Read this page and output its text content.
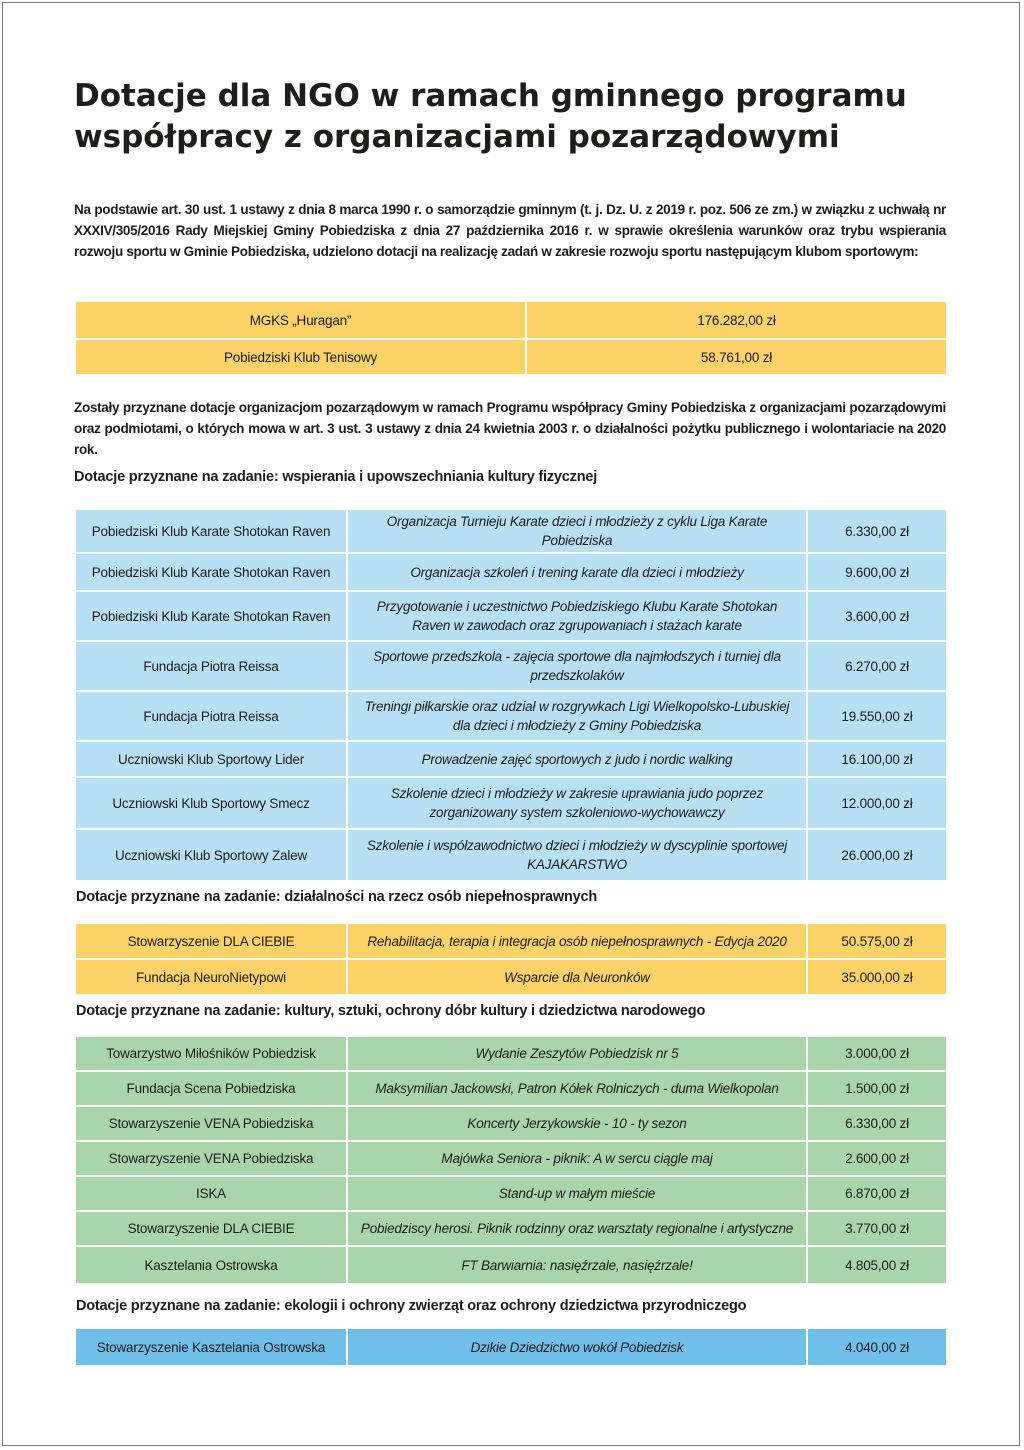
Dotacje dla NGO w ramach gminnego programu
współpracy z organizacjami pozarządowymi

Na podstawie art. 30 ust. 1 ustawy z dnia 8 marca 1990 r. o samorządzie gminnym (t. j. Dz. U. z 2019 r. poz. 506 ze zm.) w związku z uchwałą nr XXXIV/305/2016 Rady Miejskiej Gminy Pobiedziska z dnia 27 października 2016 r. w sprawie określenia warunków oraz trybu wspierania rozwoju sportu w Gminie Pobiedziska, udzielono dotacji na realizację zadań w zakresie rozwoju sportu następującym klubom sportowym:

MGKS „Huragan”	176.282,00 zł
Pobiedziski Klub Tenisowy	58.761,00 zł

Zostały przyznane dotacje organizacjom pozarządowym w ramach Programu współpracy Gminy Pobiedziska z organizacjami pozarządowymi oraz podmiotami, o których mowa w art. 3 ust. 3 ustawy z dnia 24 kwietnia 2003 r. o działalności pożytku publicznego i wolontariacie na 2020 rok.

Dotacje przyznane na zadanie: wspierania i upowszechniania kultury fizycznej
Pobiedziski Klub Karate Shotokan Raven	Organizacja Turnieju Karate dzieci i młodzieży z cyklu Liga Karate Pobiedziska	6.330,00 zł
Pobiedziski Klub Karate Shotokan Raven	Organizacja szkoleń i trening karate dla dzieci i młodzieży	9.600,00 zł
Pobiedziski Klub Karate Shotokan Raven	Przygotowanie i uczestnictwo Pobiedziskiego Klubu Karate Shotokan Raven w zawodach oraz zgrupowaniach i stażach karate	3.600,00 zł
Fundacja Piotra Reissa	Sportowe przedszkola - zajęcia sportowe dla najmłodszych i turniej dla przedszkolaków	6.270,00 zł
Fundacja Piotra Reissa	Treningi piłkarskie oraz udział w rozgrywkach Ligi Wielkopolsko-Lubuskiej dla dzieci i młodzieży z Gminy Pobiedziska	19.550,00 zł
Uczniowski Klub Sportowy Lider	Prowadzenie zajęć sportowych z judo i nordic walking	16.100,00 zł
Uczniowski Klub Sportowy Smecz	Szkolenie dzieci i młodzieży w zakresie uprawiania judo poprzez zorganizowany system szkoleniowo-wychowawczy	12.000,00 zł
Uczniowski Klub Sportowy Zalew	Szkolenie i współzawodnictwo dzieci i młodzieży w dyscyplinie sportowej KAJAKARSTWO	26.000,00 zł
Dotacje przyznane na zadanie: działalności na rzecz osób niepełnosprawnych
Stowarzyszenie DLA CIEBIE	Rehabilitacja, terapia i integracja osób niepełnosprawnych - Edycja 2020	50.575,00 zł
Fundacja NeuroNietypowi	Wsparcie dla Neuronków	35.000,00 zł
Dotacje przyznane na zadanie: kultury, sztuki, ochrony dóbr kultury i dziedzictwa narodowego
Towarzystwo Miłośników Pobiedzisk	Wydanie Zeszytów Pobiedzisk nr 5	3.000,00 zł
Fundacja Scena Pobiedziska	Maksymilian Jackowski, Patron Kółek Rolniczych - duma Wielkopolan	1.500,00 zł
Stowarzyszenie VENA Pobiedziska	Koncerty Jerzykowskie - 10 - ty sezon	6.330,00 zł
Stowarzyszenie VENA Pobiedziska	Majówka Seniora - piknik: A w sercu ciągle maj	2.600,00 zł
ISKA	Stand-up w małym mieście	6.870,00 zł
Stowarzyszenie DLA CIEBIE	Pobiedziscy herosi. Piknik rodzinny oraz warsztaty regionalne i artystyczne	3.770,00 zł
Kasztelania Ostrowska	FT Barwiarnia: nasięźrzale, nasięźrzale!	4.805,00 zł
Dotacje przyznane na zadanie: ekologii i ochrony zwierząt oraz ochrony dziedzictwa przyrodniczego
Stowarzyszenie Kasztelania Ostrowska	Dzikie Dziedzictwo wokół Pobiedzisk	4.040,00 zł
